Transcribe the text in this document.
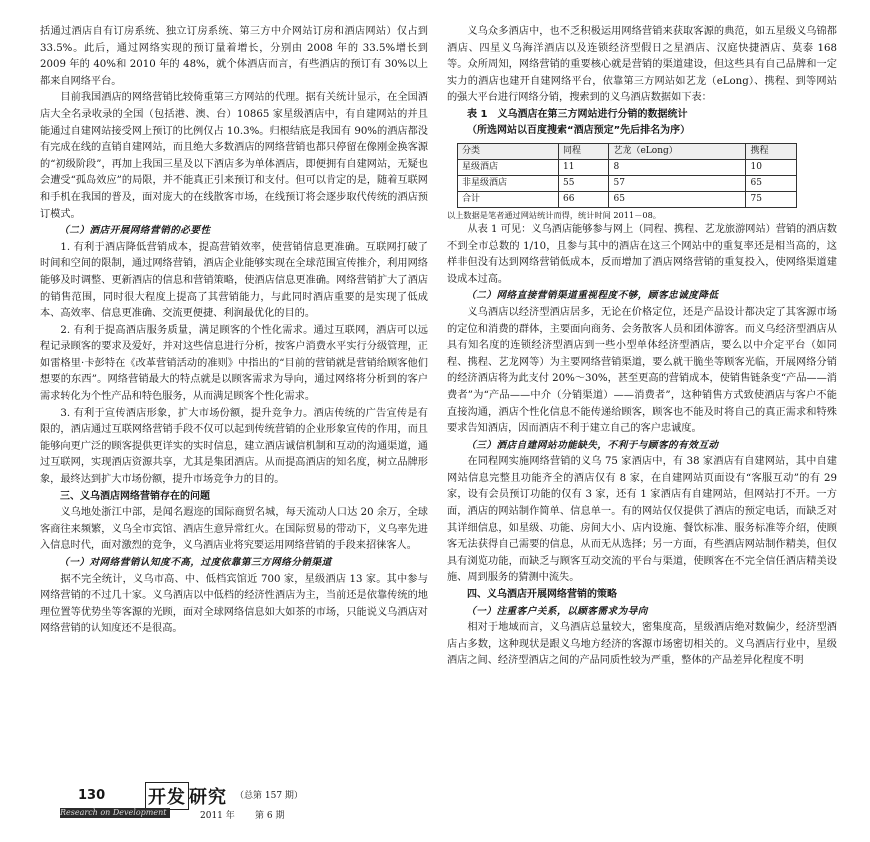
括通过酒店自有订房系统、独立订房系统、第三方中介网站订房和酒店网站）仅占到 33.5%。此后，通过网络实现的预订量着增长，分别由 2008 年的 33.5%增长到 2009 年的 40%和 2010 年的 48%，就个体酒店而言，有些酒店的预订有 30%以上都来自网络平台。

目前我国酒店的网络营销比较倚重第三方网站的代理。据有关统计显示，在全国酒店大全名录收录的全国（包括港、澳、台）10865 家星级酒店中，有自建网站的并且能通过自建网站接受网上预订的比例仅占 10.3%。归根结底是我国有 90%的酒店都没有完成在线的直销自建网站，而且绝大多数酒店的网络营销也都只停留在像刚金换客源的“初级阶段”，再加上我国三星及以下酒店多为单体酒店，即便拥有自建网站，无疑也会遭受“孤岛效应”的局限，并不能真正引来预订和支付。但可以肯定的是，随着互联网和手机在我国的普及，面对庞大的在线散客市场，在线预订将会逐步取代传统的酒店预订模式。

（二）酒店开展网络营销的必要性

1. 有利于酒店降低营销成本，提高营销效率，使营销信息更准确。互联网打破了时间和空间的限制，通过网络营销，酒店企业能够实现在全球范围宣传推介，利用网络能够及时调整、更新酒店的信息和营销策略，使酒店信息更准确。网络营销扩大了酒店的销售范围，同时很大程度上提高了其营销能力，与此同时酒店重要的是实现了低成本、高效率、信息更准确、交流更便捷、利润最优化的目的。

2. 有利于提高酒店服务质量，满足顾客的个性化需求。通过互联网，酒店可以远程记录顾客的要求及爱好，并对这些信息进行分析，按客户消费水平实行分级管理，正如雷格里·卡彭特在《改革营销活动的准则》中指出的“目前的营销就是营销给顾客他们想要的东西”。网络营销最大的特点就是以顾客需求为导向，通过网络将分析到的客户需求转化为个性产品和特色服务，从而满足顾客个性化需求。

3. 有利于宣传酒店形象，扩大市场份额，提升竞争力。酒店传统的广告宣传是有限的，酒店通过互联网络营销手段不仅可以起到传统营销的企业形象宣传的作用，而且能够向更广泛的顾客提供更详实的实时信息，建立酒店诚信机制和互动的沟通渠道，通过互联网，实现酒店资源共享，尤其是集团酒店。从而提高酒店的知名度，树立品牌形象，最终达到扩大市场份额，提升市场竞争力的目的。

三、义乌酒店网络营销存在的问题

义乌地处浙江中部，是闻名遐迩的国际商贸名城，每天流动人口达 20 余万，全球客商往来频繁，义乌全市宾馆、酒店生意异常红火。在国际贸易的带动下，义乌率先进入信息时代，面对激烈的竞争，义乌酒店业将究要运用网络营销的手段来招徕客人。

（一）对网络营销认知度不高，过度依靠第三方网络分销渠道

据不完全统计，义乌市高、中、低档宾馆近 700 家，星级酒店 13 家。其中参与网络营销的不过几十家。义乌酒店以中低档的经济性酒店为主，当前还是依靠传统的地理位置等优势坐等客源的光顾，面对全球网络信息如大如茶的市场，只能说义乌酒店对网络营销的认知度还不是很高。

义乌众多酒店中，也不乏积极运用网络营销来获取客源的典范，如五星级义乌锦都酒店、四星义乌海洋酒店以及连锁经济型假日之星酒店、汉庭快捷酒店、莫泰 168 等。众所周知，网络营销的重要核心就是营销的渠道建设，但这些具有自己品牌和一定实力的酒店也建开自建网络平台，依靠第三方网站如艺龙（eLong）、携程、到等网站的强大平台进行网络分销，搜索到的义乌酒店数据如下表：

表 1　义乌酒店在第三方网站进行分销的数据统计

（所选网站以百度搜索“酒店预定”先后排名为序）

分类	同程	艺龙（eLong）	携程
星级酒店	11	8	10
非星级酒店	55	57	65
合计	66	65	75

以上数据是笔者通过网站统计而得，统计时间 2011－08。

从表 1 可见：义乌酒店能够参与网上（同程、携程、艺龙旅游网站）营销的酒店数不到全市总数的 1/10，且参与其中的酒店在这三个网站中的重复率还是相当高的，这样非但没有达到网络营销低成本，反而增加了酒店网络营销的重复投入，使网络渠道建设成本过高。

（二）网络直接营销渠道重视程度不够，顾客忠诚度降低

义乌酒店以经济型酒店居多，无论在价格定位，还是产品设计都决定了其客源市场的定位和消费的群体，主要面向商务、会务散客人员和团体游客。而义乌经济型酒店从具有知名度的连锁经济型酒店到一些小型单体经济型酒店，要么以中介定平台（如同程、携程、艺龙网等）为主要网络营销渠道，要么就干脆坐等顾客光临，开展网络分销的经济酒店将为此支付 20%～30%，甚至更高的营销成本，使销售链条变“产品——消费者”为“产品——中介（分销渠道）——消费者”，这种销售方式致使酒店与客户不能直接沟通，酒店个性化信息不能传递给顾客，顾客也不能及时将自己的真正需求和特殊要求告知酒店，因而酒店不利于建立自己的客户忠诚度。

（三）酒店自建网站功能缺失，不利于与顾客的有效互动

在同程网实施网络营销的义乌 75 家酒店中，有 38 家酒店有自建网站，其中自建网站信息完整且功能齐全的酒店仅有 8 家，在自建网站页面设有“客服互动”的有 29 家，设有会员预订功能的仅有 3 家，还有 1 家酒店有自建网站，但网站打不开。一方面，酒店的网站制作简单、信息单一。有的网站仅仅提供了酒店的预定电话，而缺乏对其详细信息，如星级、功能、房间大小、店内设施、餐饮标准、服务标准等介绍，使顾客无法获得自己需要的信息，从而无从选择；另一方面，有些酒店网站制作精美，但仅具有浏览功能，而缺乏与顾客互动交流的平台与渠道，使顾客在不完全信任酒店精美设施、周到服务的猜测中流失。

四、义乌酒店开展网络营销的策略

（一）注重客户关系，以顾客需求为导向

相对于地域而言，义乌酒店总量较大，密集度高，星级酒店绝对数偏少，经济型酒店占多数，这种现状是跟义乌地方经济的客源市场密切相关的。义乌酒店行业中，星级酒店之间、经济型酒店之间的产品同质性较为严重，整体的产品差异化程度不明

130 开发 研究 （总第 157 期）
Research on Development	2011 年 第 6 期
